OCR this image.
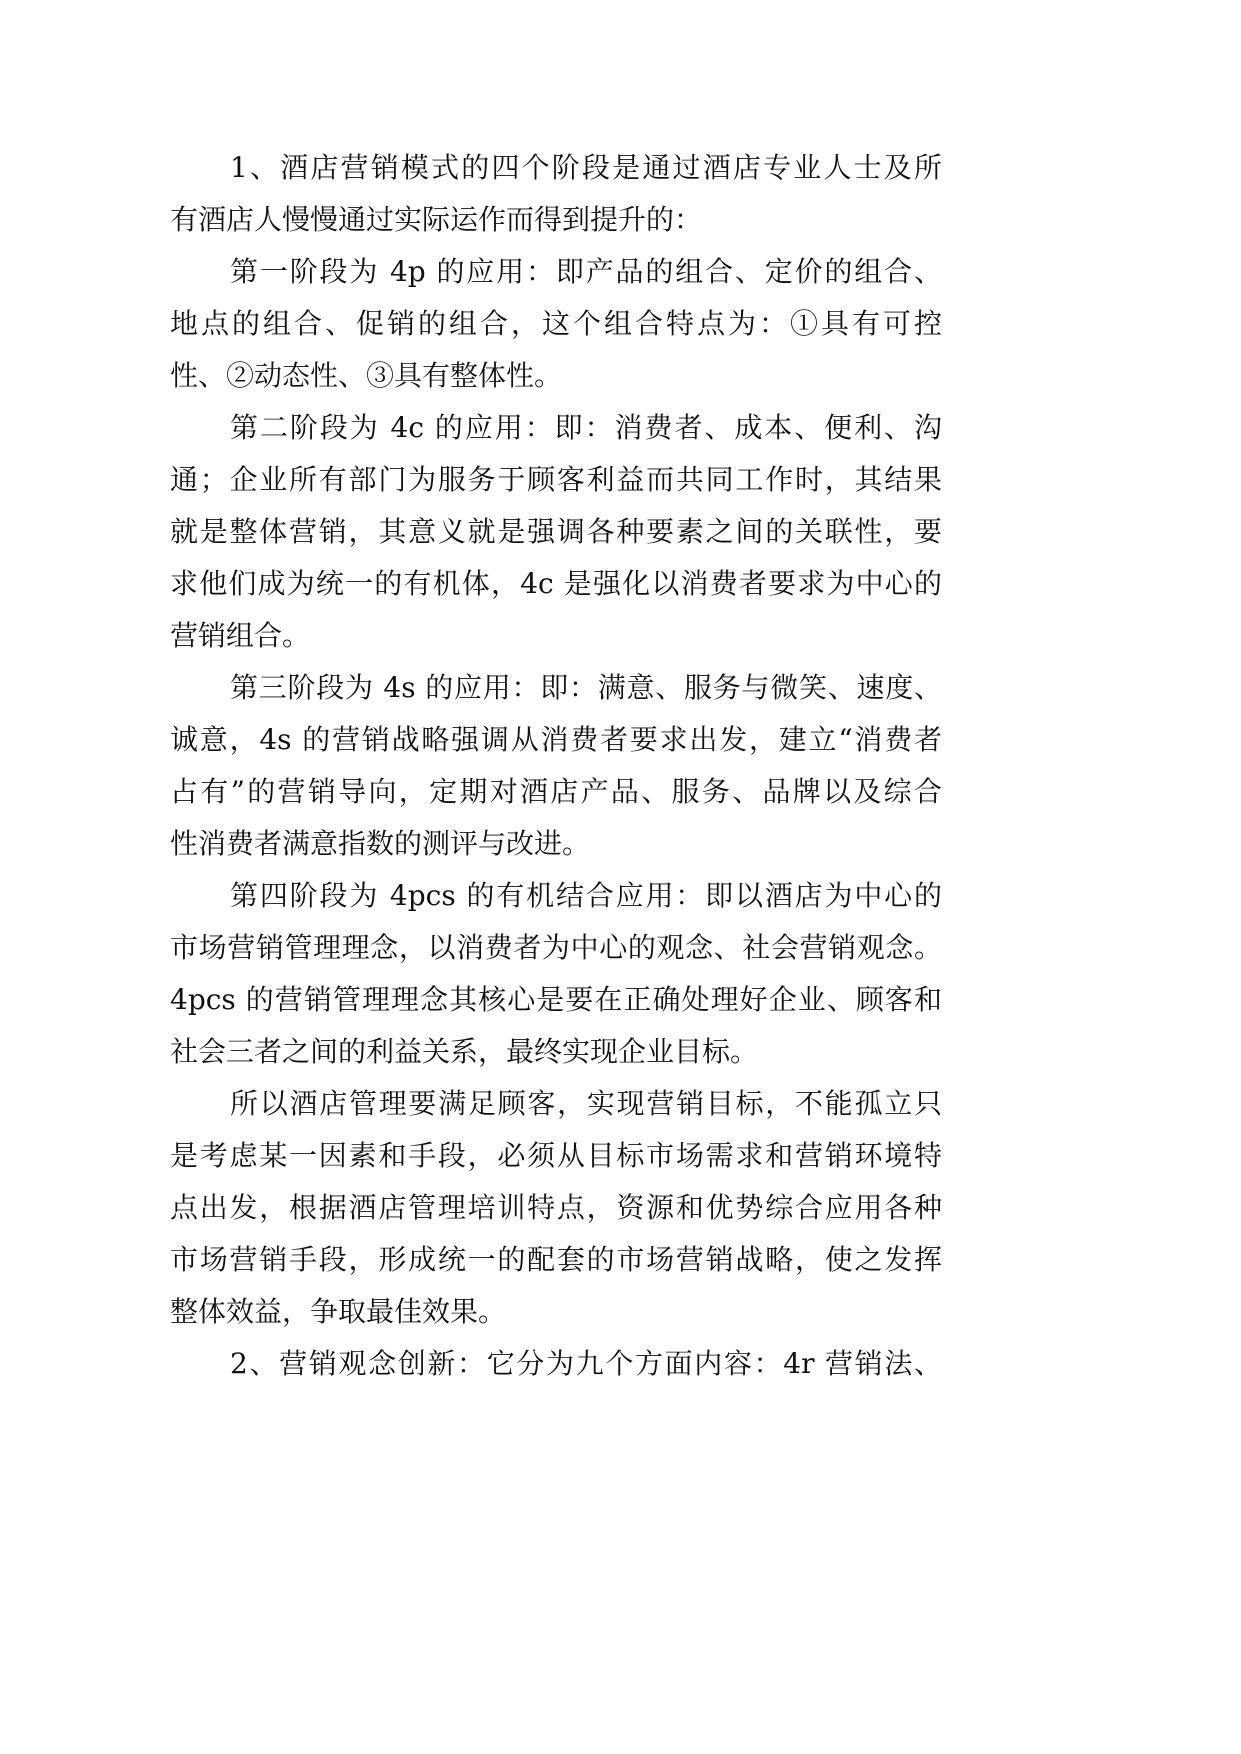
1、酒店营销模式的四个阶段是通过酒店专业人士及所
有酒店人慢慢通过实际运作而得到提升的：
第一阶段为 4p 的应用：即产品的组合、定价的组合、
地点的组合、促销的组合，这个组合特点为：①具有可控
性、②动态性、③具有整体性。
第二阶段为 4c 的应用：即：消费者、成本、便利、沟
通；企业所有部门为服务于顾客利益而共同工作时，其结果
就是整体营销，其意义就是强调各种要素之间的关联性，要
求他们成为统一的有机体，4c 是强化以消费者要求为中心的
营销组合。
第三阶段为 4s 的应用：即：满意、服务与微笑、速度、
诚意，4s 的营销战略强调从消费者要求出发，建立“消费者
占有”的营销导向，定期对酒店产品、服务、品牌以及综合
性消费者满意指数的测评与改进。
第四阶段为 4pcs 的有机结合应用：即以酒店为中心的
市场营销管理理念，以消费者为中心的观念、社会营销观念。
4pcs 的营销管理理念其核心是要在正确处理好企业、顾客和
社会三者之间的利益关系，最终实现企业目标。
所以酒店管理要满足顾客，实现营销目标，不能孤立只
是考虑某一因素和手段，必须从目标市场需求和营销环境特
点出发，根据酒店管理培训特点，资源和优势综合应用各种
市场营销手段，形成统一的配套的市场营销战略，使之发挥
整体效益，争取最佳效果。
2、营销观念创新：它分为九个方面内容：4r 营销法、
